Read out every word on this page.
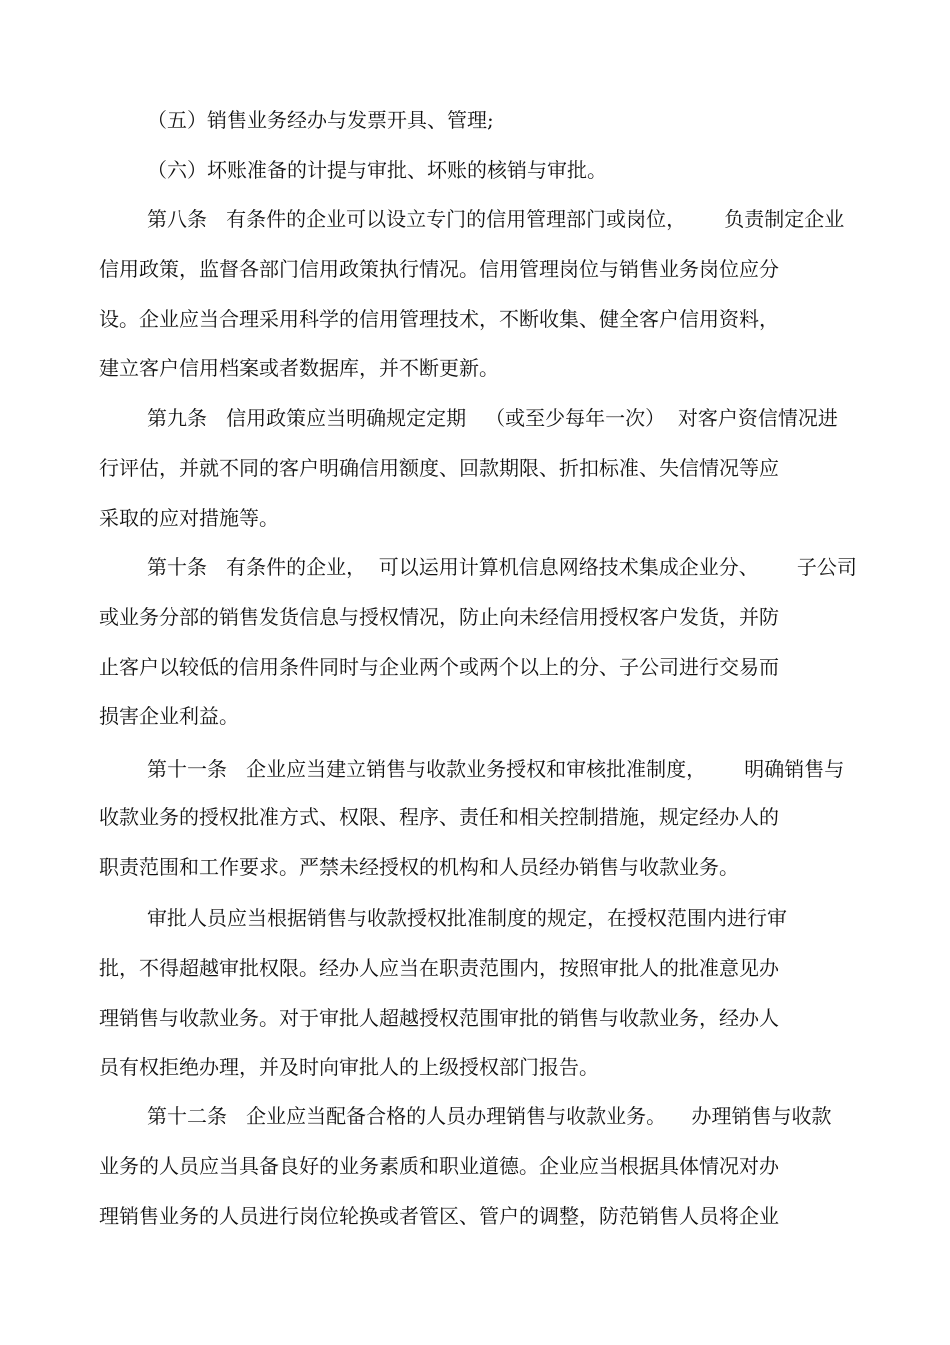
（五）销售业务经办与发票开具、管理;
（六）坏账准备的计提与审批、坏账的核销与审批。
第八条   有条件的企业可以设立专门的信用管理部门或岗位，      负责制定企业
信用政策，监督各部门信用政策执行情况。信用管理岗位与销售业务岗位应分
设。企业应当合理采用科学的信用管理技术，不断收集、健全客户信用资料，
建立客户信用档案或者数据库，并不断更新。
第九条   信用政策应当明确规定定期   （或至少每年一次）  对客户资信情况进
行评估，并就不同的客户明确信用额度、回款期限、折扣标准、失信情况等应
采取的应对措施等。
第十条   有条件的企业，  可以运用计算机信息网络技术集成企业分、      子公司
或业务分部的销售发货信息与授权情况，防止向未经信用授权客户发货，并防
止客户以较低的信用条件同时与企业两个或两个以上的分、子公司进行交易而
损害企业利益。
第十一条   企业应当建立销售与收款业务授权和审核批准制度，      明确销售与
收款业务的授权批准方式、权限、程序、责任和相关控制措施，规定经办人的
职责范围和工作要求。严禁未经授权的机构和人员经办销售与收款业务。
审批人员应当根据销售与收款授权批准制度的规定，在授权范围内进行审
批，不得超越审批权限。经办人应当在职责范围内，按照审批人的批准意见办
理销售与收款业务。对于审批人超越授权范围审批的销售与收款业务，经办人
员有权拒绝办理，并及时向审批人的上级授权部门报告。
第十二条   企业应当配备合格的人员办理销售与收款业务。    办理销售与收款
业务的人员应当具备良好的业务素质和职业道德。企业应当根据具体情况对办
理销售业务的人员进行岗位轮换或者管区、管户的调整，防范销售人员将企业
